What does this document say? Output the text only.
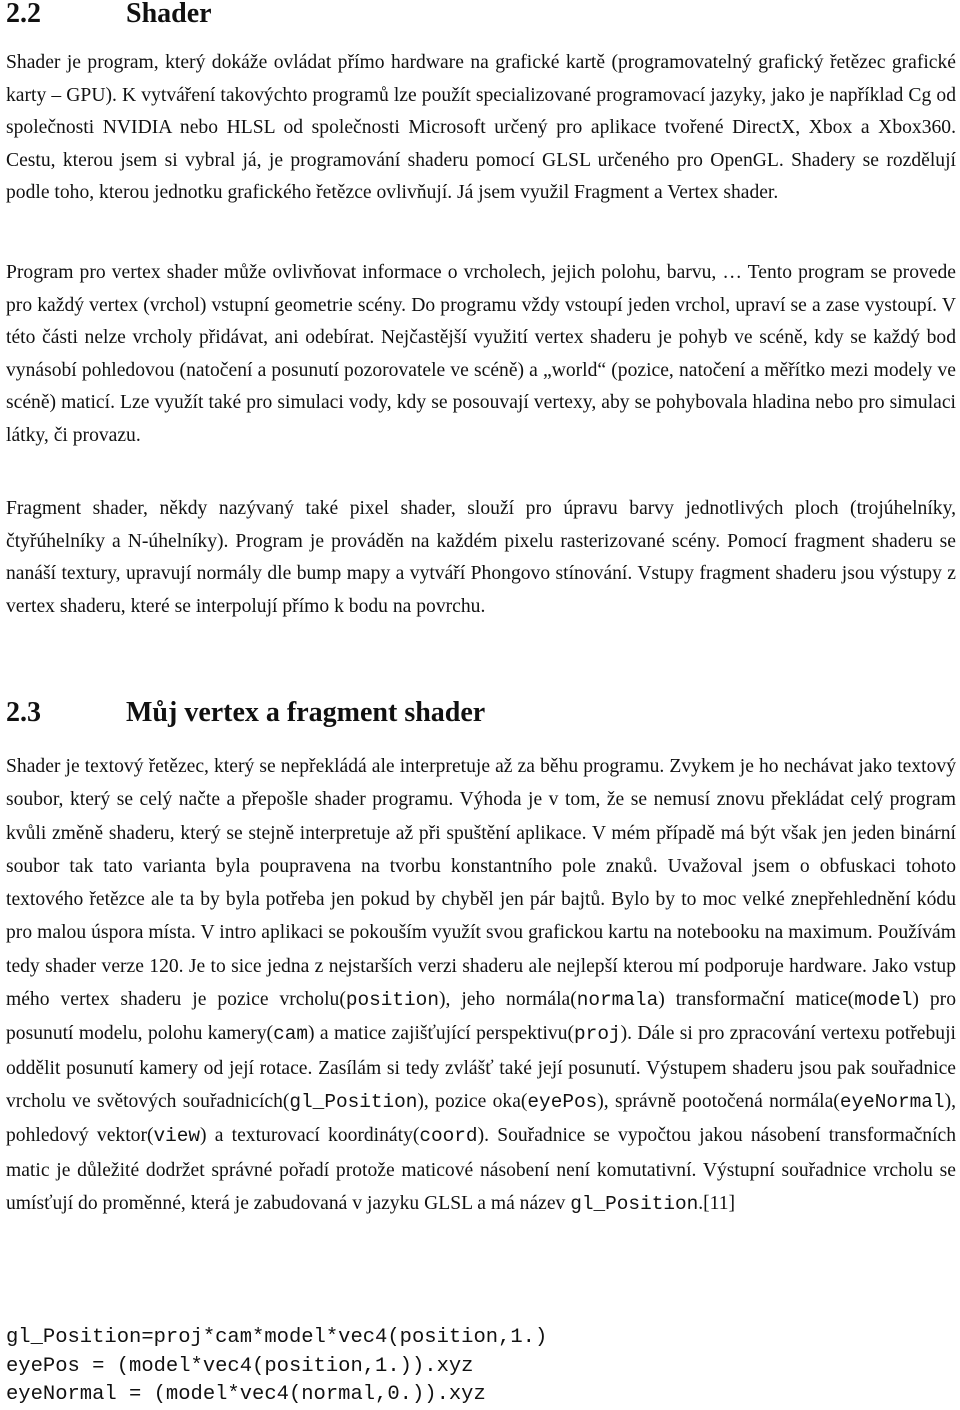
2.2	Shader

Shader je program, který dokáže ovládat přímo hardware na grafické kartě (programovatelný grafický řetězec grafické karty – GPU). K vytváření takovýchto programů lze použít specializované programovací jazyky, jako je například Cg od společnosti NVIDIA nebo HLSL od společnosti Microsoft určený pro aplikace tvořené DirectX, Xbox a Xbox360. Cestu, kterou jsem si vybral já, je programování shaderu pomocí GLSL určeného pro OpenGL. Shadery se rozdělují podle toho, kterou jednotku grafického řetězce ovlivňují. Já jsem využil Fragment a Vertex shader.

Program pro vertex shader může ovlivňovat informace o vrcholech, jejich polohu, barvu, … Tento program se provede pro každý vertex (vrchol) vstupní geometrie scény. Do programu vždy vstoupí jeden vrchol, upraví se a zase vystoupí. V této části nelze vrcholy přidávat, ani odebírat. Nejčastější využití vertex shaderu je pohyb ve scéně, kdy se každý bod vynásobí pohledovou (natočení a posunutí pozorovatele ve scéně) a „world“ (pozice, natočení a měřítko mezi modely ve scéně) maticí. Lze využít také pro simulaci vody, kdy se posouvají vertexy, aby se pohybovala hladina nebo pro simulaci látky, či provazu.

Fragment shader, někdy nazývaný také pixel shader, slouží pro úpravu barvy jednotlivých ploch (trojúhelníky, čtyřúhelníky a N-úhelníky). Program je prováděn na každém pixelu rasterizované scény. Pomocí fragment shaderu se nanáší textury, upravují normály dle bump mapy a vytváří Phongovo stínování. Vstupy fragment shaderu jsou výstupy z vertex shaderu, které se interpolují přímo k bodu na povrchu.

2.3	Můj vertex a fragment shader

Shader je textový řetězec, který se nepřekládá ale interpretuje až za běhu programu. Zvykem je ho nechávat jako textový soubor, který se celý načte a přepošle shader programu. Výhoda je v tom, že se nemusí znovu překládat celý program kvůli změně shaderu, který se stejně interpretuje až při spuštění aplikace. V mém případě má být však jen jeden binární soubor tak tato varianta byla poupravena na tvorbu konstantního pole znaků. Uvažoval jsem o obfuskaci tohoto textového řetězce ale ta by byla potřeba jen pokud by chyběl jen pár bajtů. Bylo by to moc velké znepřehlednění kódu pro malou úspora místa. V intro aplikaci se pokouším využít svou grafickou kartu na notebooku na maximum. Používám tedy shader verze 120. Je to sice jedna z nejstarších verzi shaderu ale nejlepší kterou mí podporuje hardware. Jako vstup mého vertex shaderu je pozice vrcholu(position), jeho normála(normala) transformační matice(model) pro posunutí modelu, polohu kamery(cam) a matice zajišťující perspektivu(proj). Dále si pro zpracování vertexu potřebuji oddělit posunutí kamery od její rotace. Zasílám si tedy zvlášť také její posunutí. Výstupem shaderu jsou pak souřadnice vrcholu ve světových souřadnicích(gl_Position), pozice oka(eyePos), správně pootočená normála(eyeNormal), pohledový vektor(view) a texturovací koordináty(coord). Souřadnice se vypočtou jakou násobení transformačních matic je důležité dodržet správné pořadí protože maticové násobení není komutativní. Výstupní souřadnice vrcholu se umísťují do proměnné, která je zabudovaná v jazyku GLSL a má název gl_Position.[11]

gl_Position=proj*cam*model*vec4(position,1.)
eyePos = (model*vec4(position,1.)).xyz
eyeNormal = (model*vec4(normal,0.)).xyz
